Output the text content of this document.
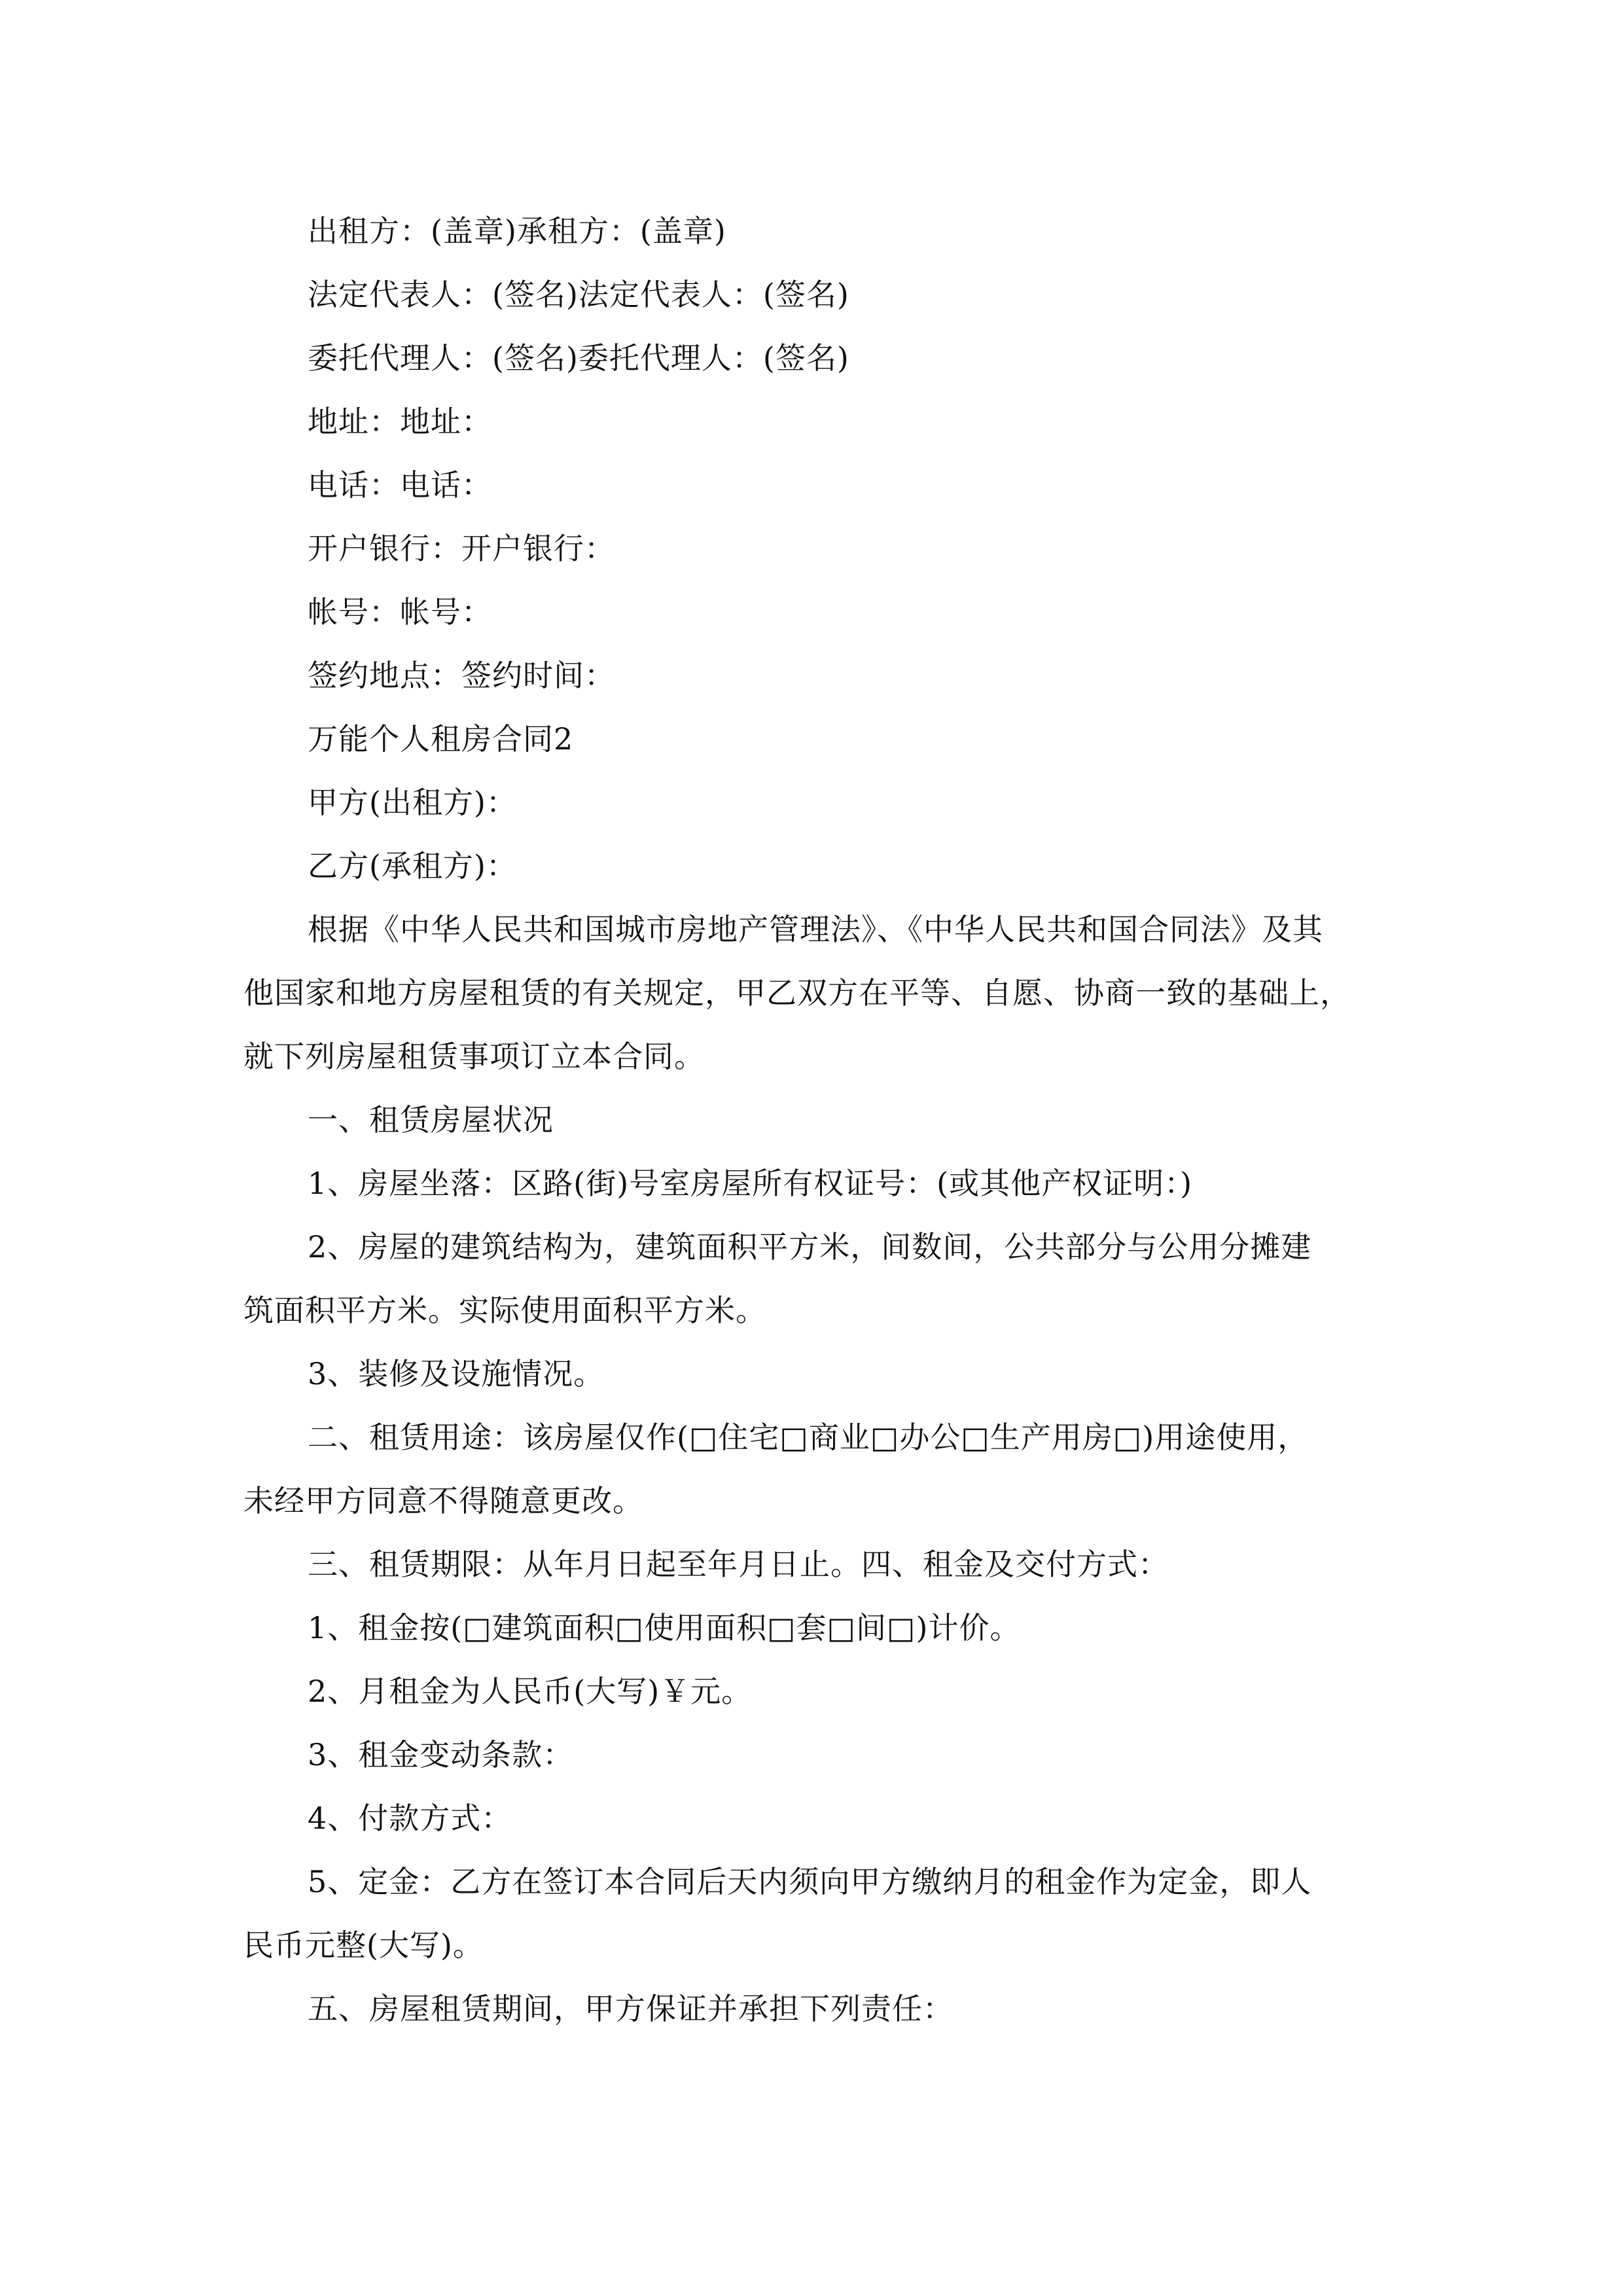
出租方：(盖章)承租方：(盖章)
法定代表人：(签名)法定代表人：(签名)
委托代理人：(签名)委托代理人：(签名)
地址：地址：
电话：电话：
开户银行：开户银行：
帐号：帐号：
签约地点：签约时间：
万能个人租房合同2
甲方(出租方)：
乙方(承租方)：
根据《中华人民共和国城市房地产管理法》、《中华人民共和国合同法》及其
他国家和地方房屋租赁的有关规定，甲乙双方在平等、自愿、协商一致的基础上，
就下列房屋租赁事项订立本合同。
一、租赁房屋状况
1、房屋坐落：区路(街)号室房屋所有权证号：(或其他产权证明：)
2、房屋的建筑结构为，建筑面积平方米，间数间，公共部分与公用分摊建
筑面积平方米。实际使用面积平方米。
3、装修及设施情况。
二、租赁用途：该房屋仅作(□住宅□商业□办公□生产用房□)用途使用，
未经甲方同意不得随意更改。
三、租赁期限：从年月日起至年月日止。四、租金及交付方式：
1、租金按(□建筑面积□使用面积□套□间□)计价。
2、月租金为人民币(大写)￥元。
3、租金变动条款：
4、付款方式：
5、定金：乙方在签订本合同后天内须向甲方缴纳月的租金作为定金，即人
民币元整(大写)。
五、房屋租赁期间，甲方保证并承担下列责任：
